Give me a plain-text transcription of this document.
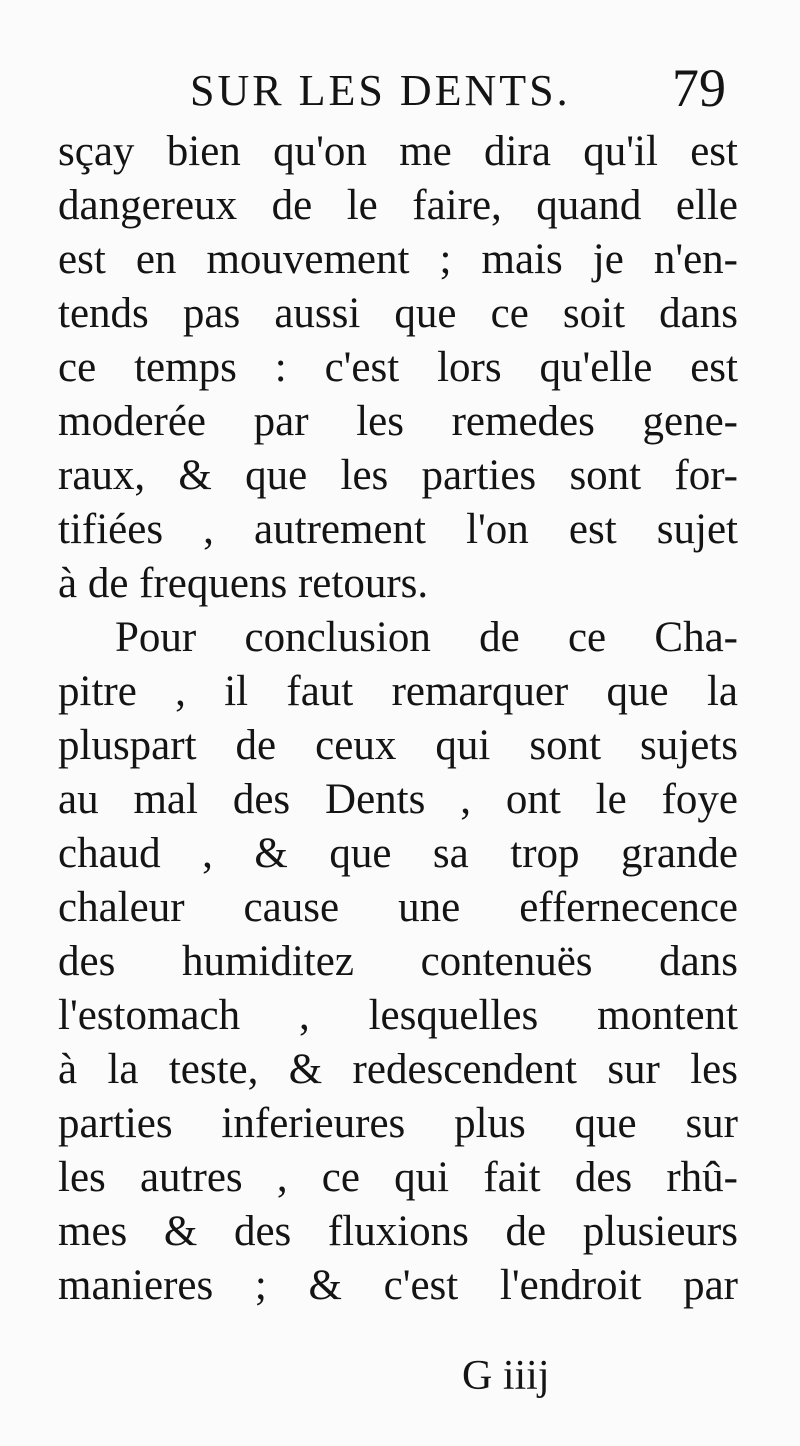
SUR LES DENTS. 79
sçay bien qu'on me dira qu'il est
dangereux de le faire, quand elle
est en mouvement ; mais je n'en-
tends pas aussi que ce soit dans
ce temps : c'est lors qu'elle est
moderée par les remedes gene-
raux, & que les parties sont for-
tifiées , autrement l'on est sujet
à de frequens retours.
Pour conclusion de ce Cha-
pitre , il faut remarquer que la
pluspart de ceux qui sont sujets
au mal des Dents , ont le foye
chaud , & que sa trop grande
chaleur cause une effernecence
des humiditez contenuës dans
l'estomach , lesquelles montent
à la teste, & redescendent sur les
parties inferieures plus que sur
les autres , ce qui fait des rhû-
mes & des fluxions de plusieurs
manieres ; & c'est l'endroit par
G iiij
